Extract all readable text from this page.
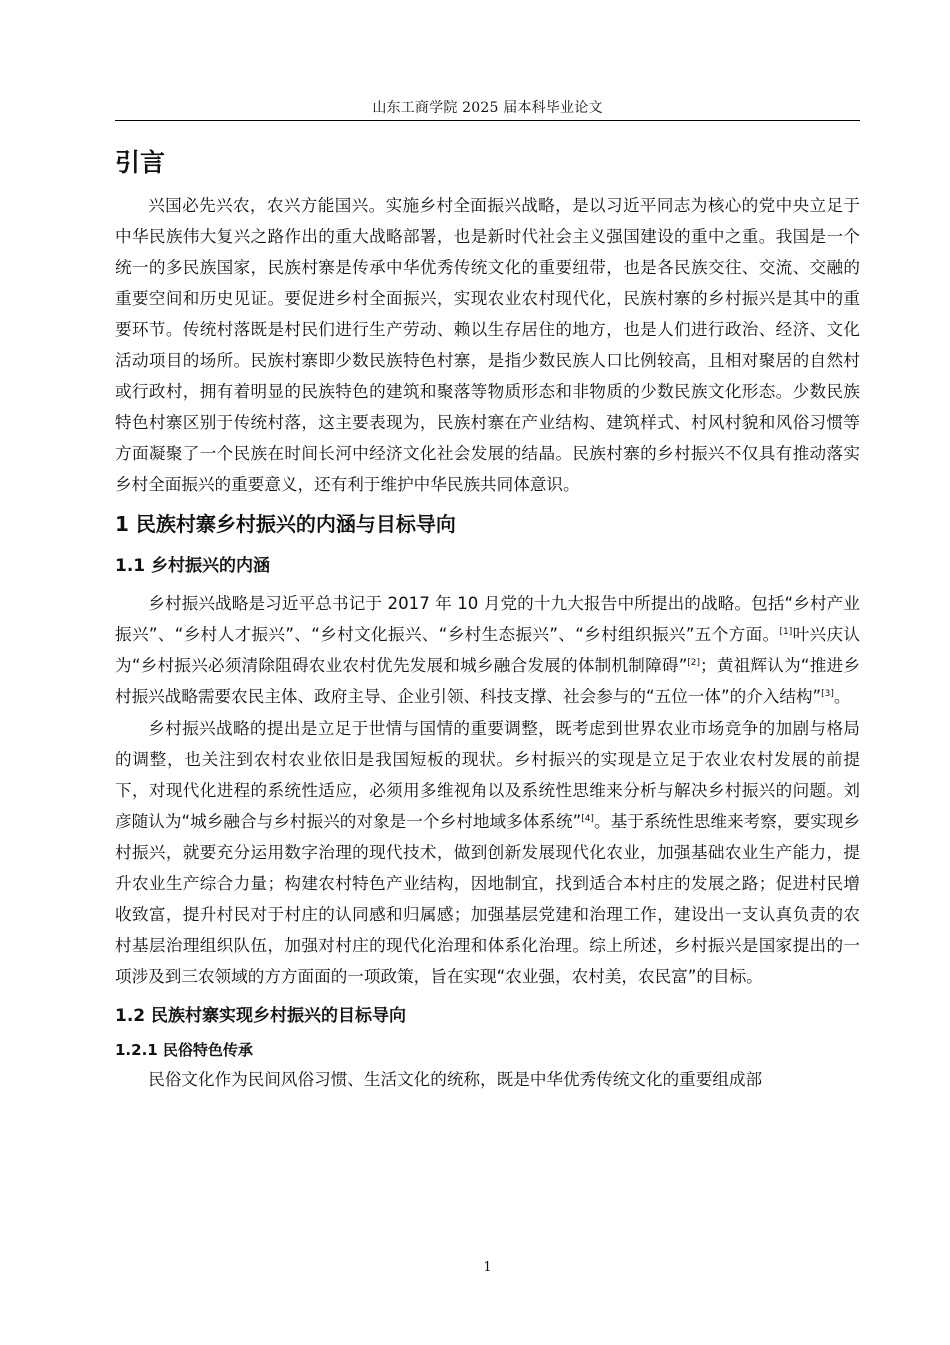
山东工商学院 2025 届本科毕业论文
引言

兴国必先兴农，农兴方能国兴。实施乡村全面振兴战略，是以习近平同志为核心的党中央立足于中华民族伟大复兴之路作出的重大战略部署，也是新时代社会主义强国建设的重中之重。我国是一个统一的多民族国家，民族村寨是传承中华优秀传统文化的重要纽带，也是各民族交往、交流、交融的重要空间和历史见证。要促进乡村全面振兴，实现农业农村现代化，民族村寨的乡村振兴是其中的重要环节。传统村落既是村民们进行生产劳动、赖以生存居住的地方，也是人们进行政治、经济、文化活动项目的场所。民族村寨即少数民族特色村寨，是指少数民族人口比例较高，且相对聚居的自然村或行政村，拥有着明显的民族特色的建筑和聚落等物质形态和非物质的少数民族文化形态。少数民族特色村寨区别于传统村落，这主要表现为，民族村寨在产业结构、建筑样式、村风村貌和风俗习惯等方面凝聚了一个民族在时间长河中经济文化社会发展的结晶。民族村寨的乡村振兴不仅具有推动落实乡村全面振兴的重要意义，还有利于维护中华民族共同体意识。

1 民族村寨乡村振兴的内涵与目标导向
1.1 乡村振兴的内涵

乡村振兴战略是习近平总书记于 2017 年 10 月党的十九大报告中所提出的战略。包括“乡村产业振兴”、“乡村人才振兴”、“乡村文化振兴、“乡村生态振兴”、“乡村组织振兴”五个方面。[1]叶兴庆认为“乡村振兴必须清除阻碍农业农村优先发展和城乡融合发展的体制机制障碍”[2]；黄祖辉认为“推进乡村振兴战略需要农民主体、政府主导、企业引领、科技支撑、社会参与的“五位一体”的介入结构”[3]。

乡村振兴战略的提出是立足于世情与国情的重要调整，既考虑到世界农业市场竞争的加剧与格局的调整，也关注到农村农业依旧是我国短板的现状。乡村振兴的实现是立足于农业农村发展的前提下，对现代化进程的系统性适应，必须用多维视角以及系统性思维来分析与解决乡村振兴的问题。刘彦随认为“城乡融合与乡村振兴的对象是一个乡村地域多体系统”[4]。基于系统性思维来考察，要实现乡村振兴，就要充分运用数字治理的现代技术，做到创新发展现代化农业，加强基础农业生产能力，提升农业生产综合力量；构建农村特色产业结构，因地制宜，找到适合本村庄的发展之路；促进村民增收致富，提升村民对于村庄的认同感和归属感；加强基层党建和治理工作，建设出一支认真负责的农村基层治理组织队伍，加强对村庄的现代化治理和体系化治理。综上所述，乡村振兴是国家提出的一项涉及到三农领域的方方面面的一项政策，旨在实现“农业强，农村美，农民富”的目标。

1.2 民族村寨实现乡村振兴的目标导向
1.2.1 民俗特色传承

民俗文化作为民间风俗习惯、生活文化的统称，既是中华优秀传统文化的重要组成部

1
